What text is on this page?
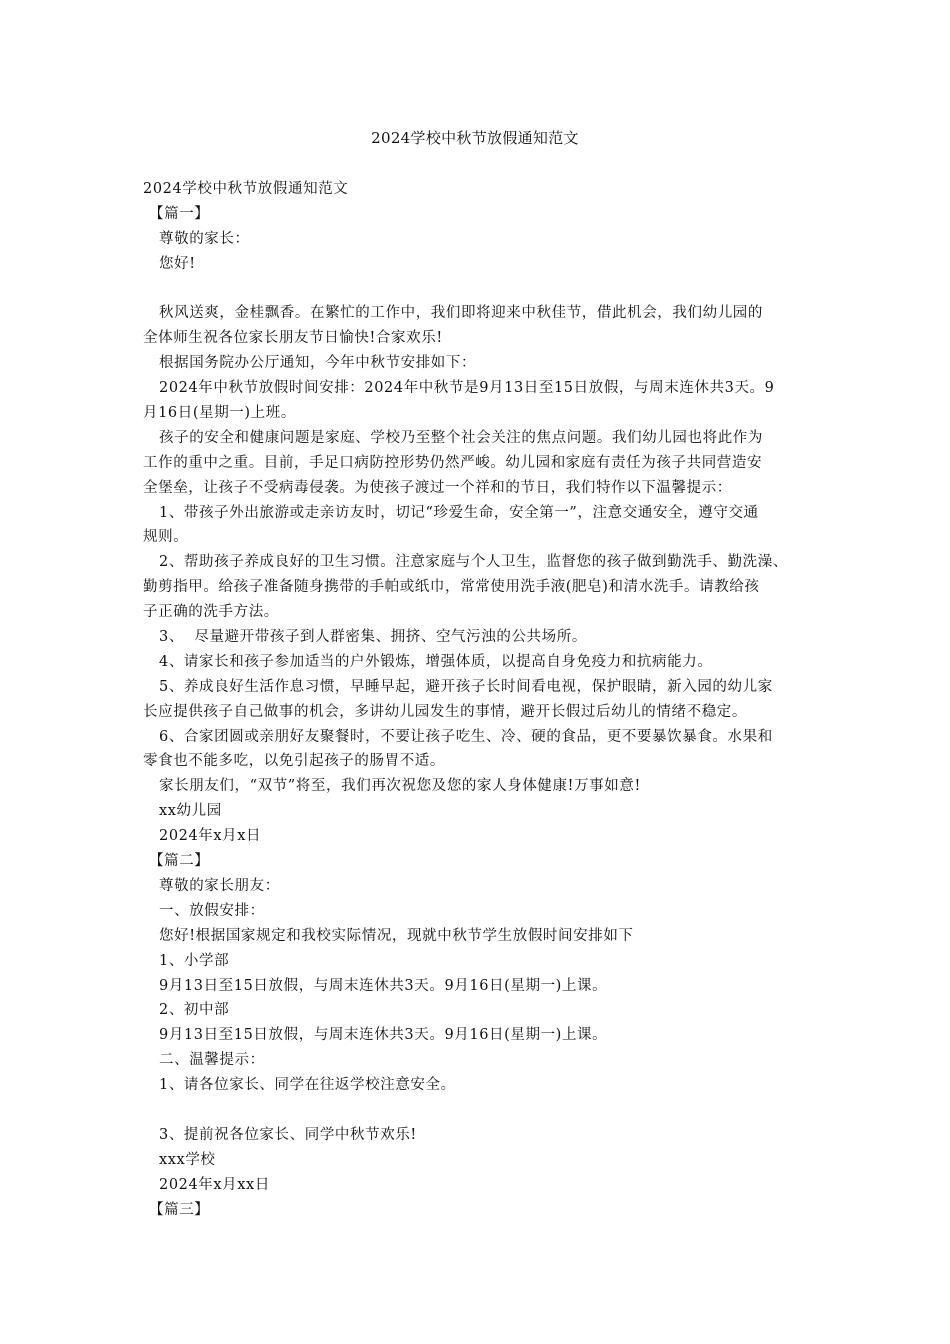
2024学校中秋节放假通知范文
2024学校中秋节放假通知范文
【篇一】
尊敬的家长：
您好!
秋风送爽，金桂飘香。在繁忙的工作中，我们即将迎来中秋佳节，借此机会，我们幼儿园的
全体师生祝各位家长朋友节日愉快!合家欢乐!
根据国务院办公厅通知，今年中秋节安排如下：
2024年中秋节放假时间安排：2024年中秋节是9月13日至15日放假，与周末连休共3天。9
月16日(星期一)上班。
孩子的安全和健康问题是家庭、学校乃至整个社会关注的焦点问题。我们幼儿园也将此作为
工作的重中之重。目前，手足口病防控形势仍然严峻。幼儿园和家庭有责任为孩子共同营造安
全堡垒，让孩子不受病毒侵袭。为使孩子渡过一个祥和的节日，我们特作以下温馨提示：
1、带孩子外出旅游或走亲访友时，切记“珍爱生命，安全第一”，注意交通安全，遵守交通
规则。
2、帮助孩子养成良好的卫生习惯。注意家庭与个人卫生，监督您的孩子做到勤洗手、勤洗澡、
勤剪指甲。给孩子准备随身携带的手帕或纸巾，常常使用洗手液(肥皂)和清水洗手。请教给孩
子正确的洗手方法。
3、  尽量避开带孩子到人群密集、拥挤、空气污浊的公共场所。
4、请家长和孩子参加适当的户外锻炼，增强体质，以提高自身免疫力和抗病能力。
5、养成良好生活作息习惯，早睡早起，避开孩子长时间看电视，保护眼睛，新入园的幼儿家
长应提供孩子自己做事的机会，多讲幼儿园发生的事情，避开长假过后幼儿的情绪不稳定。
6、合家团圆或亲朋好友聚餐时，不要让孩子吃生、冷、硬的食品，更不要暴饮暴食。水果和
零食也不能多吃，以免引起孩子的肠胃不适。
家长朋友们，“双节”将至，我们再次祝您及您的家人身体健康!万事如意!
xx幼儿园
2024年x月x日
【篇二】
尊敬的家长朋友：
一、放假安排：
您好!根据国家规定和我校实际情况，现就中秋节学生放假时间安排如下
1、小学部
9月13日至15日放假，与周末连休共3天。9月16日(星期一)上课。
2、初中部
9月13日至15日放假，与周末连休共3天。9月16日(星期一)上课。
二、温馨提示：
1、请各位家长、同学在往返学校注意安全。
3、提前祝各位家长、同学中秋节欢乐!
xxx学校
2024年x月xx日
【篇三】
